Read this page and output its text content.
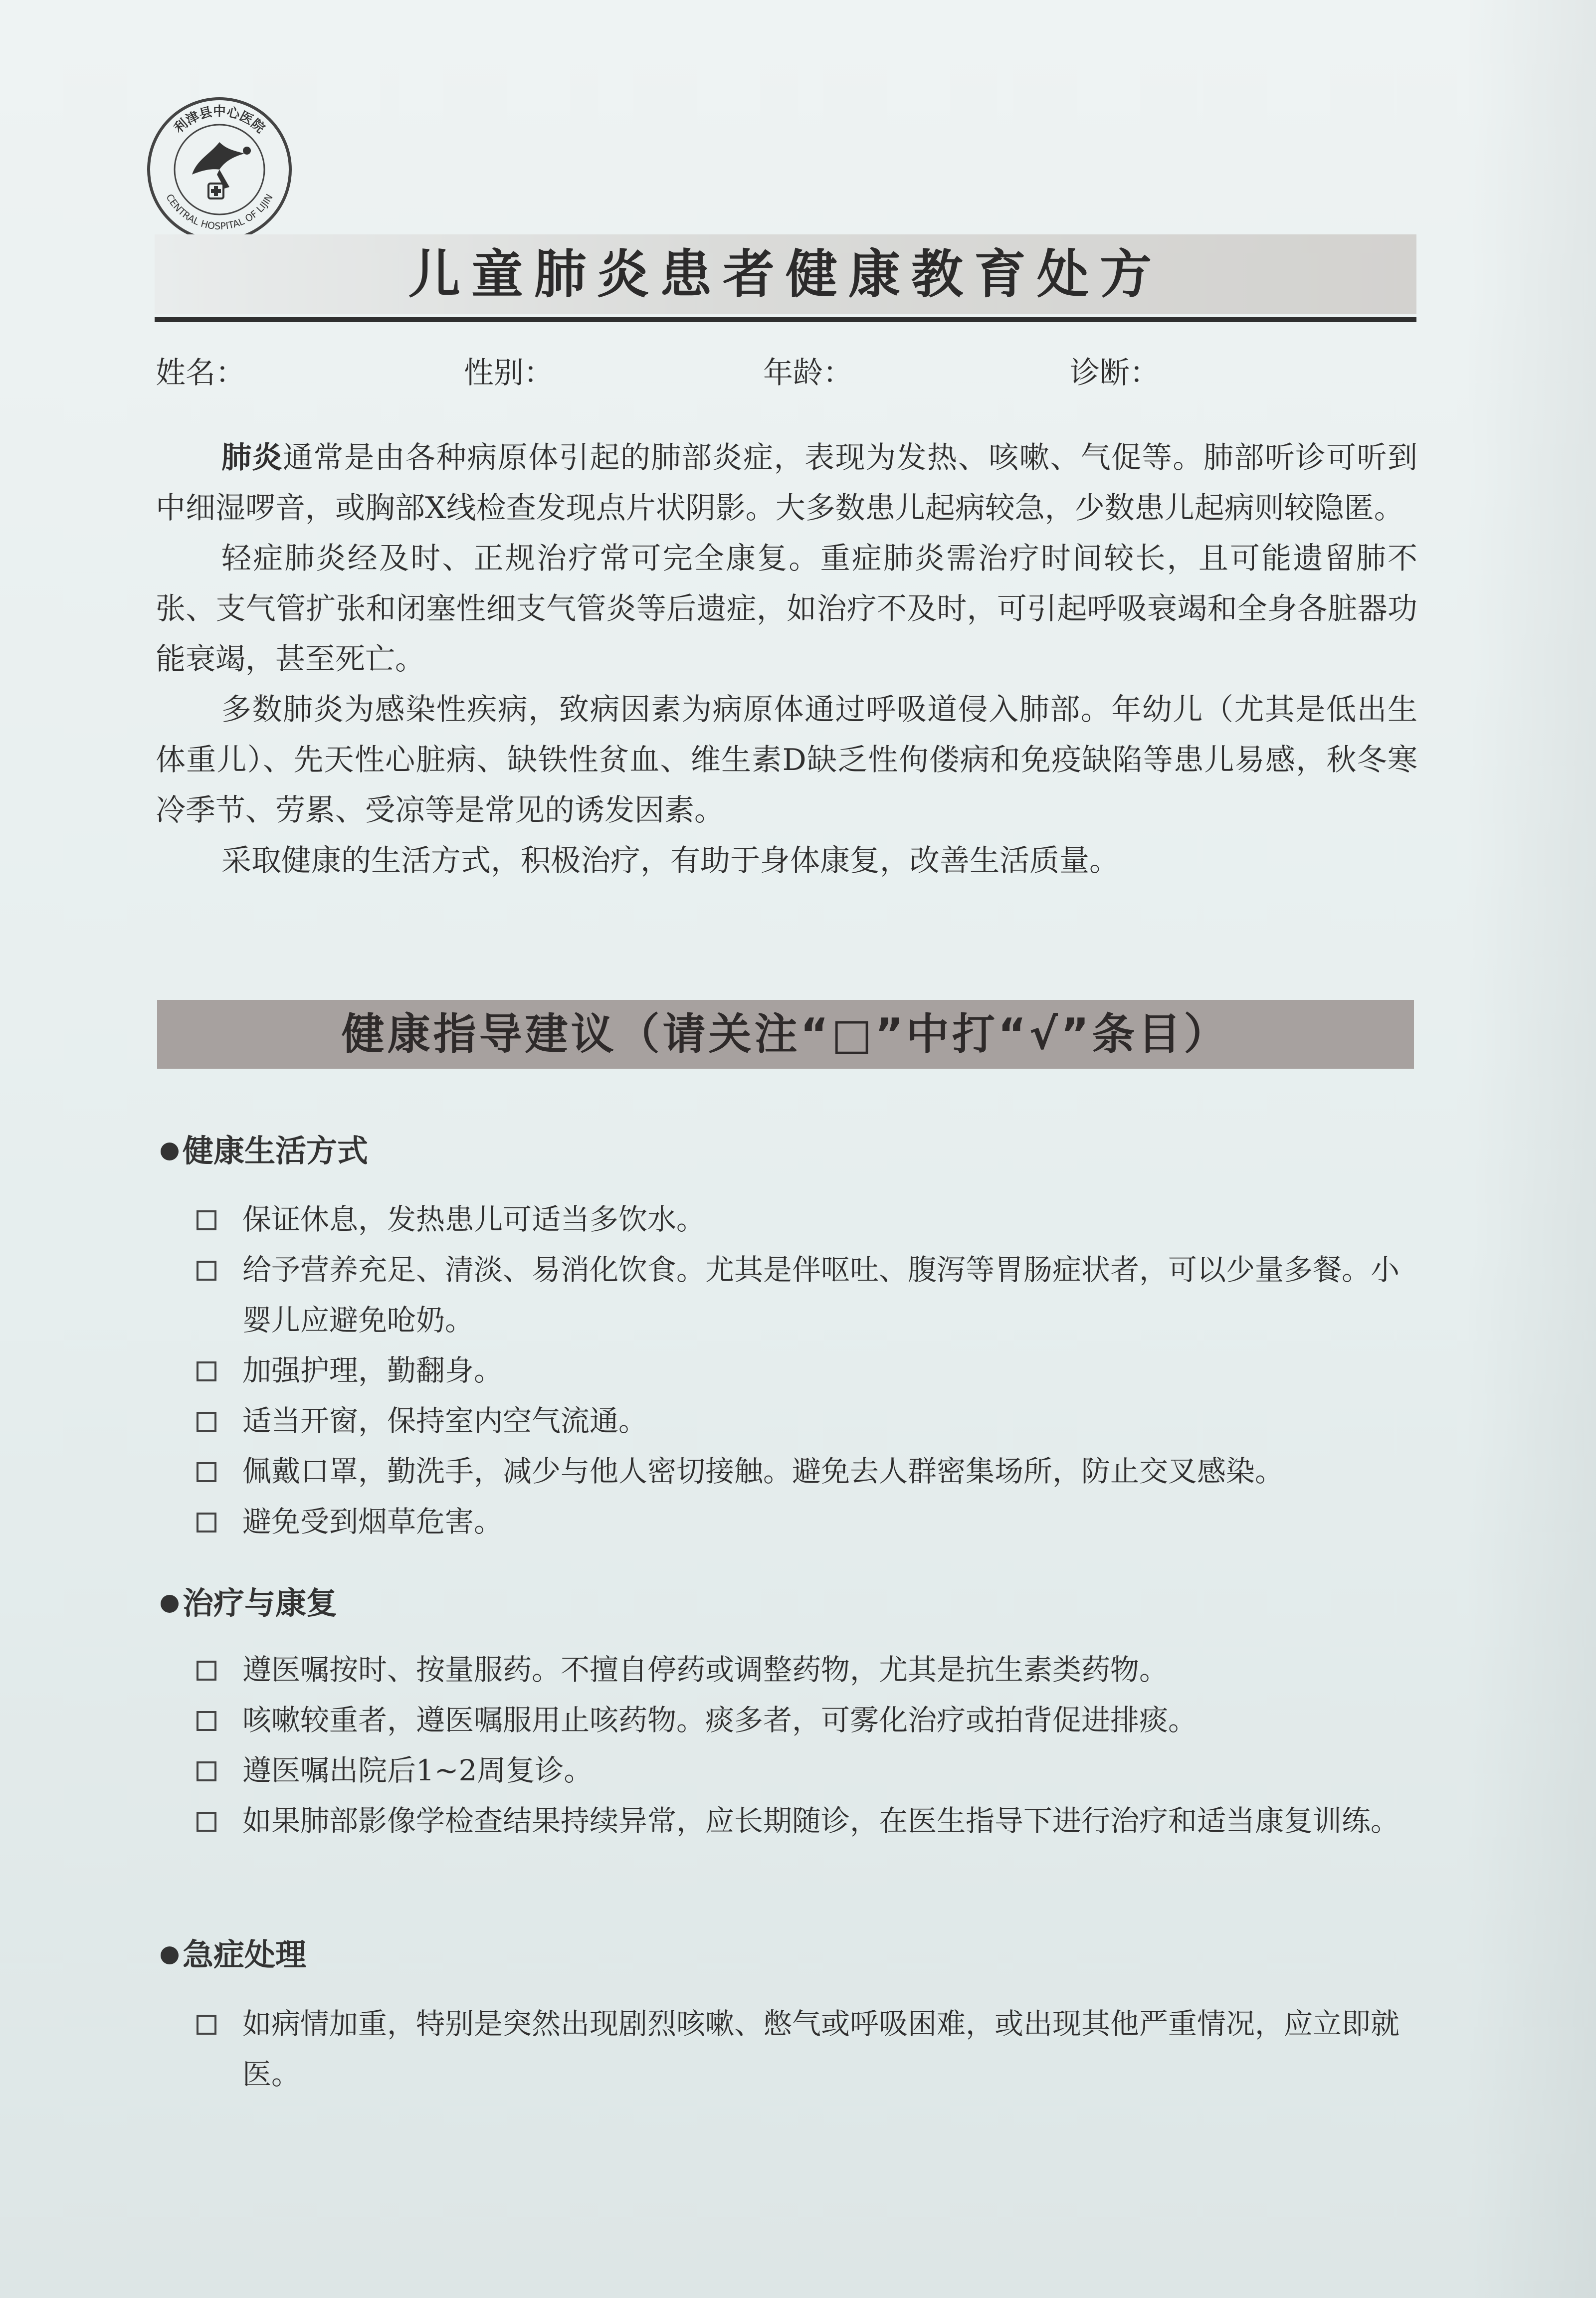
利津县中心医院
CENTRAL HOSPITAL OF LIJIN
儿童肺炎患者健康教育处方
姓名：	性别：	年龄：	诊断：

肺炎通常是由各种病原体引起的肺部炎症，表现为发热、咳嗽、气促等。肺部听诊可听到中细湿啰音，或胸部X线检查发现点片状阴影。大多数患儿起病较急，少数患儿起病则较隐匿。

轻症肺炎经及时、正规治疗常可完全康复。重症肺炎需治疗时间较长，且可能遗留肺不张、支气管扩张和闭塞性细支气管炎等后遗症，如治疗不及时，可引起呼吸衰竭和全身各脏器功能衰竭，甚至死亡。

多数肺炎为感染性疾病，致病因素为病原体通过呼吸道侵入肺部。年幼儿（尤其是低出生体重儿）、先天性心脏病、缺铁性贫血、维生素D缺乏性佝偻病和免疫缺陷等患儿易感，秋冬寒冷季节、劳累、受凉等是常见的诱发因素。

采取健康的生活方式，积极治疗，有助于身体康复，改善生活质量。

健康指导建议（请关注“□”中打“√”条目）
健康生活方式
保证休息，发热患儿可适当多饮水。
给予营养充足、清淡、易消化饮食。尤其是伴呕吐、腹泻等胃肠症状者，可以少量多餐。小婴儿应避免呛奶。
加强护理，勤翻身。
适当开窗，保持室内空气流通。
佩戴口罩，勤洗手，减少与他人密切接触。避免去人群密集场所，防止交叉感染。
避免受到烟草危害。
治疗与康复
遵医嘱按时、按量服药。不擅自停药或调整药物，尤其是抗生素类药物。
咳嗽较重者，遵医嘱服用止咳药物。痰多者，可雾化治疗或拍背促进排痰。
遵医嘱出院后1~2周复诊。
如果肺部影像学检查结果持续异常，应长期随诊，在医生指导下进行治疗和适当康复训练。
急症处理
如病情加重，特别是突然出现剧烈咳嗽、憋气或呼吸困难，或出现其他严重情况，应立即就医。
